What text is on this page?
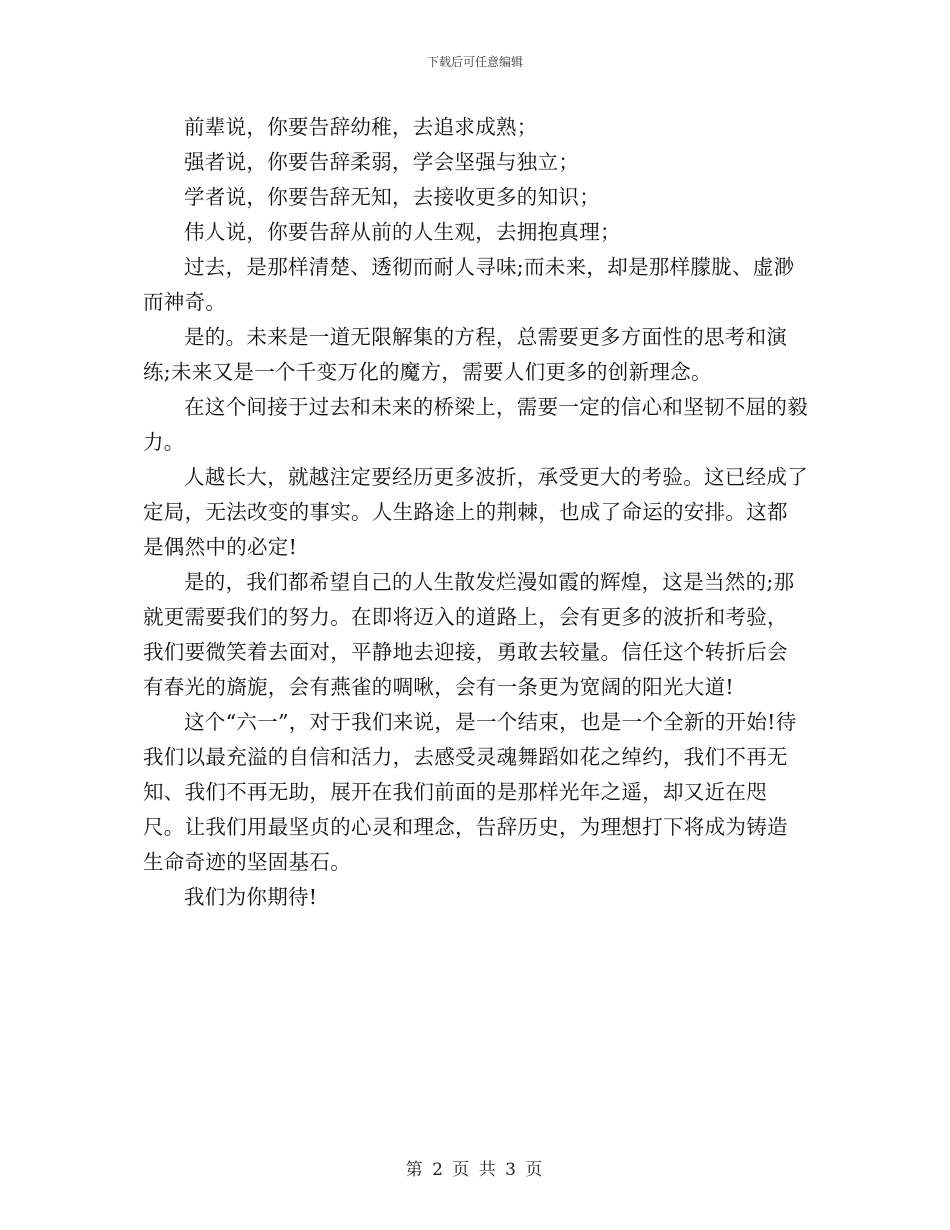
下载后可任意编辑

前辈说，你要告辞幼稚，去追求成熟；

强者说，你要告辞柔弱，学会坚强与独立；

学者说，你要告辞无知，去接收更多的知识；

伟人说，你要告辞从前的人生观，去拥抱真理；

过去，是那样清楚、透彻而耐人寻味;而未来，却是那样朦胧、虚渺而神奇。

是的。未来是一道无限解集的方程，总需要更多方面性的思考和演练;未来又是一个千变万化的魔方，需要人们更多的创新理念。

在这个间接于过去和未来的桥梁上，需要一定的信心和坚韧不屈的毅力。

人越长大，就越注定要经历更多波折，承受更大的考验。这已经成了定局，无法改变的事实。人生路途上的荆棘，也成了命运的安排。这都是偶然中的必定!

是的，我们都希望自己的人生散发烂漫如霞的辉煌，这是当然的;那就更需要我们的努力。在即将迈入的道路上，会有更多的波折和考验，我们要微笑着去面对，平静地去迎接，勇敢去较量。信任这个转折后会有春光的旖旎，会有燕雀的啁啾，会有一条更为宽阔的阳光大道!

这个“六一”，对于我们来说，是一个结束，也是一个全新的开始!待我们以最充溢的自信和活力，去感受灵魂舞蹈如花之绰约，我们不再无知、我们不再无助，展开在我们前面的是那样光年之遥，却又近在咫尺。让我们用最坚贞的心灵和理念，告辞历史，为理想打下将成为铸造生命奇迹的坚固基石。

我们为你期待!

第 2 页 共 3 页
